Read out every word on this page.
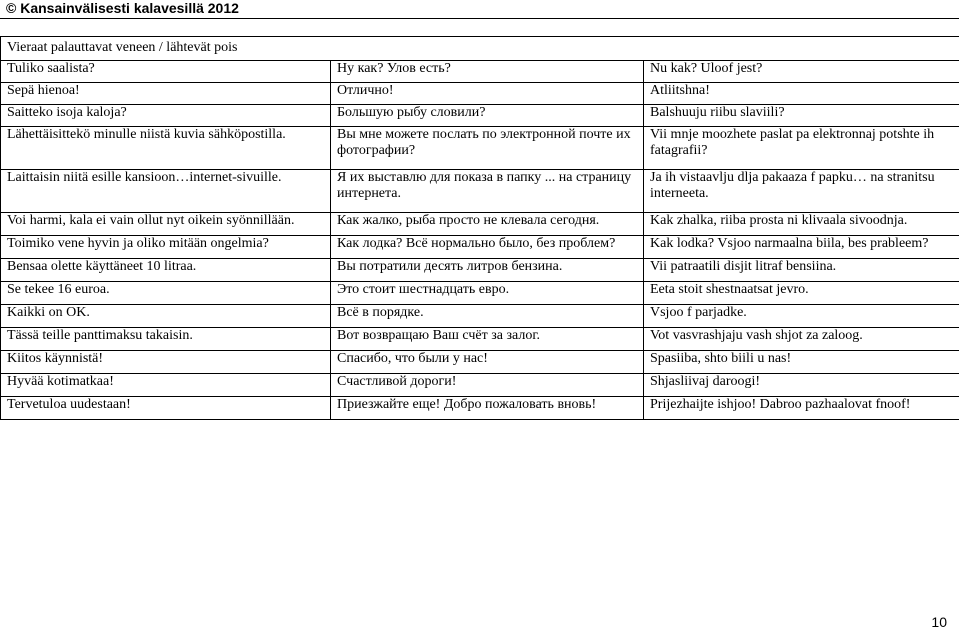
© Kansainvälisesti kalavesillä 2012
Vieraat palauttavat veneen / lähtevät pois		

Tuliko saalista?	Ну как? Улов есть?	Nu kak? Uloof jest?

Sepä hienoa!	Отлично!	Atliitshna!

Saitteko isoja kaloja?	Большую рыбу словили?	Balshuuju riibu slaviili?

Lähettäisittekö minulle niistä kuvia sähköpostilla.	Вы мне можете послать по электронной почте их фотографии?	Vii mnje moozhete paslat pa elektronnaj potshte ih fatagrafii?

Laittaisin niitä esille kansioon…internet-sivuille.	Я их выставлю для показа в папку ... на страницу интернета.	Ja ih vistaavlju dlja pakaaza f papku… na stranitsu interneeta.

Voi harmi, kala ei vain ollut nyt oikein syönnillään.	Как жалко, рыба просто не клевала сегодня.	Kak zhalka, riiba prosta ni klivaala sivoodnja.

Toimiko vene hyvin ja oliko mitään ongelmia?	Как лодка? Всё нормально было, без проблем?	Kak lodka? Vsjoo narmaalna biila, bes prableem?

Bensaa olette käyttäneet 10 litraa.	Вы потратили десять литров бензина.	Vii patraatili disjit litraf bensiina.

Se tekee 16 euroa.	Это стоит шестнадцать евро.	Eeta stoit shestnaatsat jevro.

Kaikki on OK.	Всё в порядке.	Vsjoo f parjadke.

Tässä teille panttimaksu takaisin.	Вот возвращаю Ваш счёт за залог.	Vot vasvrashjaju vash shjot za zaloog.

Kiitos käynnistä!	Спасибо, что были у нас!	Spasiiba, shto biili u nas!

Hyvää kotimatkaa!	Счастливой дороги!	Shjasliivaj daroogi!

Tervetuloa uudestaan!	Приезжайте еще! Добро пожаловать вновь!	Prijezhaijte ishjoo! Dabroo pazhaalovat fnoof!
10
